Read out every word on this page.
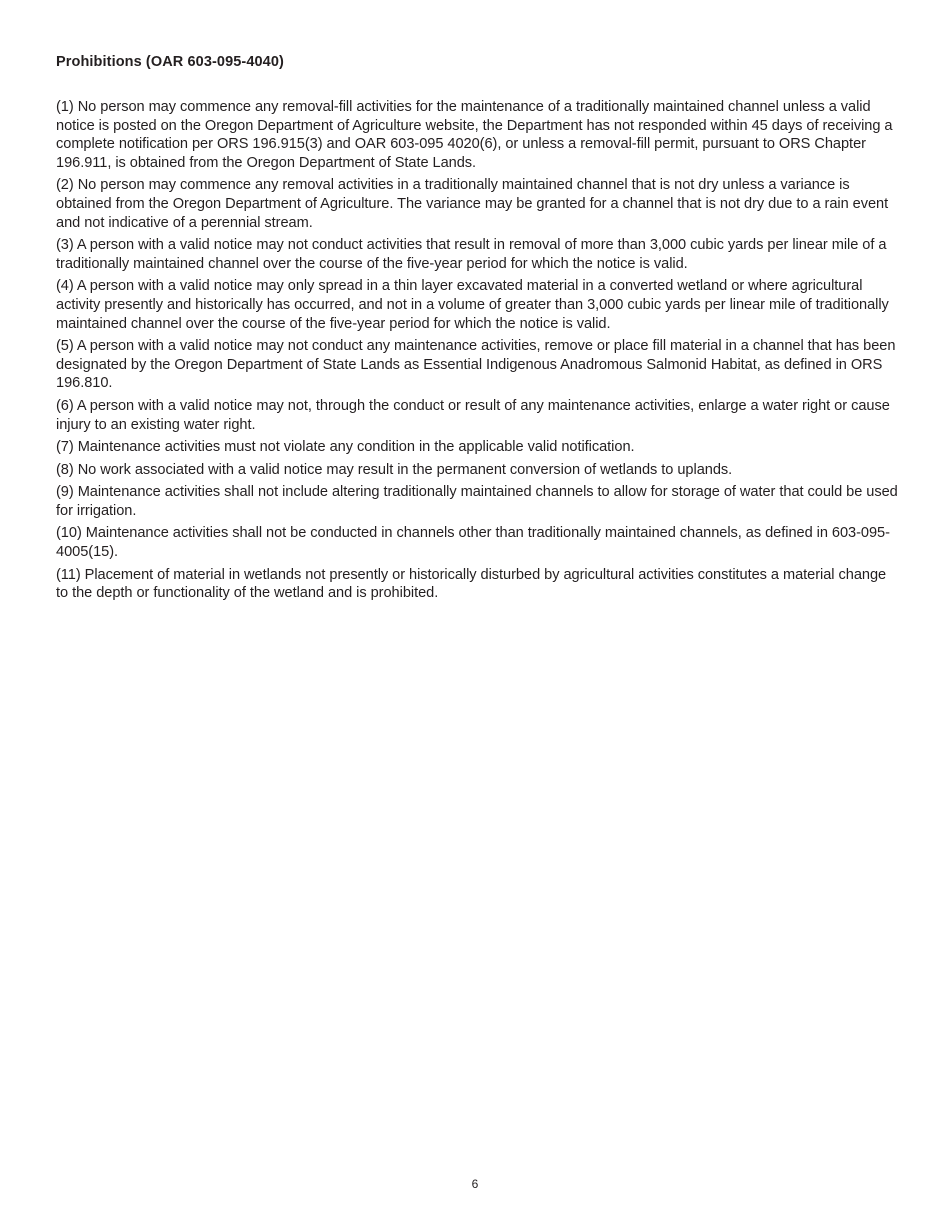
Prohibitions (OAR 603-095-4040)

(1) No person may commence any removal-fill activities for the maintenance of a traditionally maintained channel unless a valid notice is posted on the Oregon Department of Agriculture website, the Department has not responded within 45 days of receiving a complete notification per ORS 196.915(3) and OAR 603-095 4020(6), or unless a removal-fill permit, pursuant to ORS Chapter 196.911, is obtained from the Oregon Department of State Lands.

(2) No person may commence any removal activities in a traditionally maintained channel that is not dry unless a variance is obtained from the Oregon Department of Agriculture. The variance may be granted for a channel that is not dry due to a rain event and not indicative of a perennial stream.

(3) A person with a valid notice may not conduct activities that result in removal of more than 3,000 cubic yards per linear mile of a traditionally maintained channel over the course of the five-year period for which the notice is valid.

(4) A person with a valid notice may only spread in a thin layer excavated material in a converted wetland or where agricultural activity presently and historically has occurred, and not in a volume of greater than 3,000 cubic yards per linear mile of traditionally maintained channel over the course of the five-year period for which the notice is valid.

(5) A person with a valid notice may not conduct any maintenance activities, remove or place fill material in a channel that has been designated by the Oregon Department of State Lands as Essential Indigenous Anadromous Salmonid Habitat, as defined in ORS 196.810.

(6) A person with a valid notice may not, through the conduct or result of any maintenance activities, enlarge a water right or cause injury to an existing water right.

(7) Maintenance activities must not violate any condition in the applicable valid notification.

(8) No work associated with a valid notice may result in the permanent conversion of wetlands to uplands.

(9) Maintenance activities shall not include altering traditionally maintained channels to allow for storage of water that could be used for irrigation.

(10) Maintenance activities shall not be conducted in channels other than traditionally maintained channels, as defined in 603-095-4005(15).

(11) Placement of material in wetlands not presently or historically disturbed by agricultural activities constitutes a material change to the depth or functionality of the wetland and is prohibited.

6
